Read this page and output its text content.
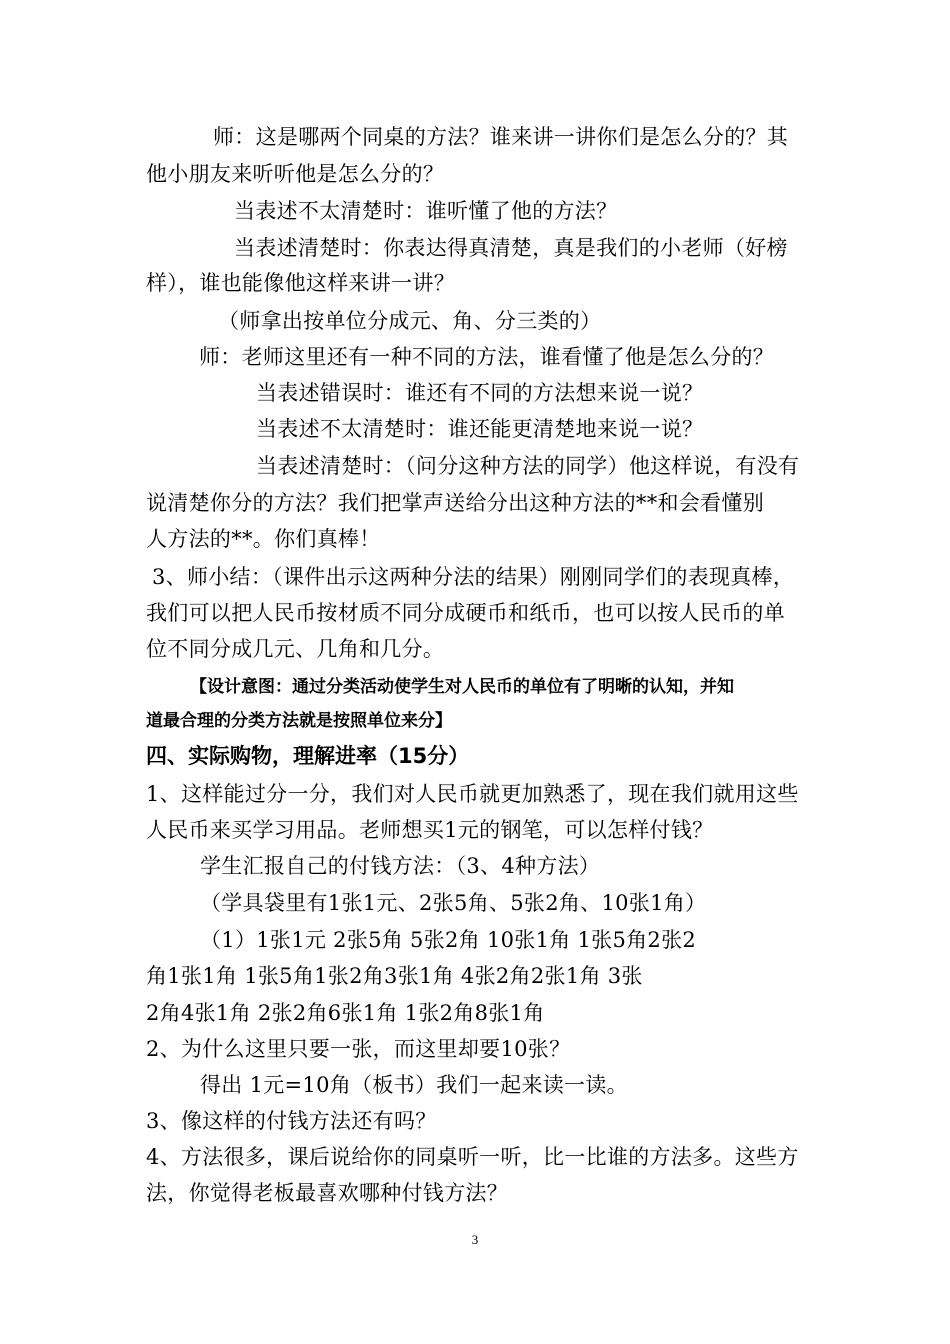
师：这是哪两个同桌的方法？谁来讲一讲你们是怎么分的？其
他小朋友来听听他是怎么分的？
当表述不太清楚时：谁听懂了他的方法？
当表述清楚时：你表达得真清楚，真是我们的小老师（好榜
样），谁也能像他这样来讲一讲？
（师拿出按单位分成元、角、分三类的）
师：老师这里还有一种不同的方法，谁看懂了他是怎么分的？
当表述错误时：谁还有不同的方法想来说一说？
当表述不太清楚时：谁还能更清楚地来说一说？
当表述清楚时：（问分这种方法的同学）他这样说，有没有
说清楚你分的方法？我们把掌声送给分出这种方法的**和会看懂别
人方法的**。你们真棒！
3、师小结：（课件出示这两种分法的结果）刚刚同学们的表现真棒，
我们可以把人民币按材质不同分成硬币和纸币，也可以按人民币的单
位不同分成几元、几角和几分。
【设计意图：通过分类活动使学生对人民币的单位有了明晰的认知，并知
道最合理的分类方法就是按照单位来分】
四、实际购物，理解进率（15分）
1、这样能过分一分，我们对人民币就更加熟悉了，现在我们就用这些
人民币来买学习用品。老师想买1元的钢笔，可以怎样付钱？
学生汇报自己的付钱方法：（3、4种方法）
（学具袋里有1张1元、2张5角、5张2角、10张1角）
（1）1张1元 2张5角 5张2角 10张1角 1张5角2张2
角1张1角 1张5角1张2角3张1角 4张2角2张1角 3张
2角4张1角 2张2角6张1角 1张2角8张1角
2、为什么这里只要一张，而这里却要10张？
得出 1元=10角（板书）我们一起来读一读。
3、像这样的付钱方法还有吗？
4、方法很多，课后说给你的同桌听一听，比一比谁的方法多。这些方
法，你觉得老板最喜欢哪种付钱方法？
3
